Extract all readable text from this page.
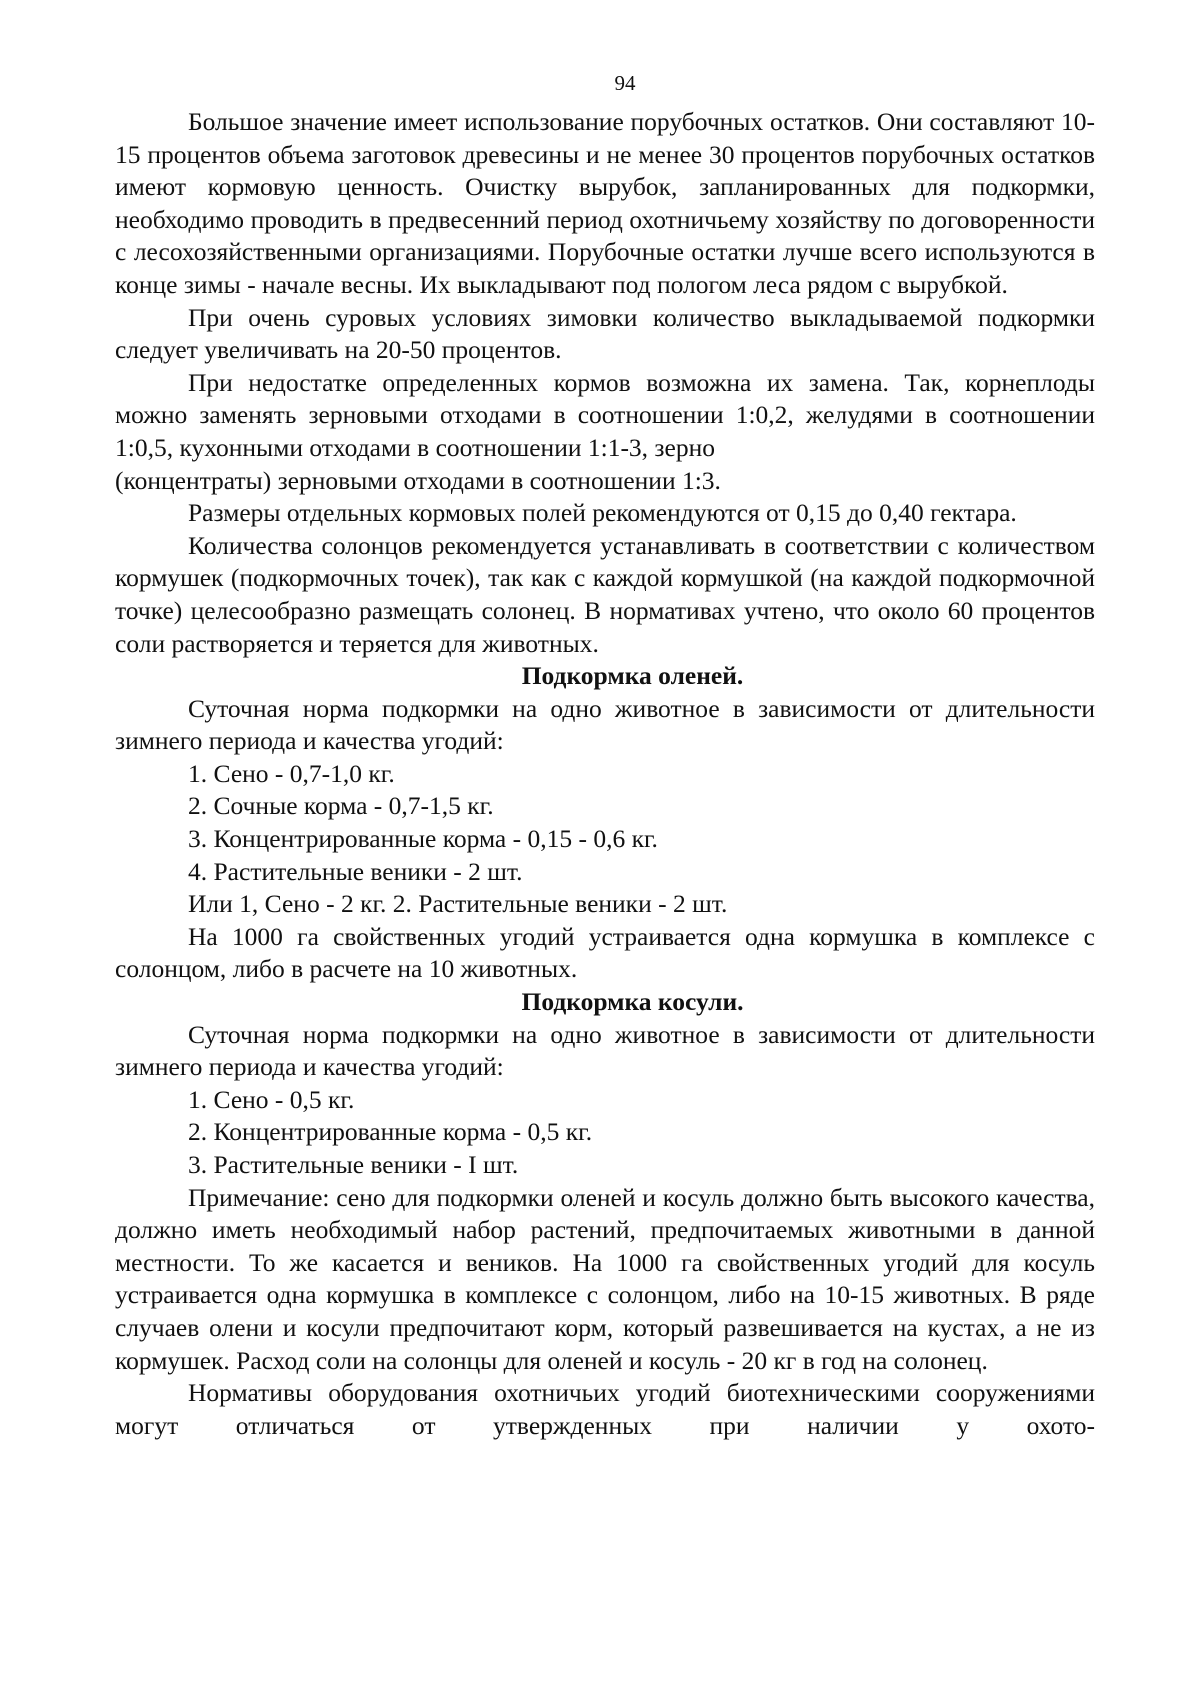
94

Большое значение имеет использование порубочных остатков. Они составляют 10-15 процентов объема заготовок древесины и не менее 30 процентов порубочных остатков имеют кормовую ценность. Очистку вырубок, запланированных для подкормки, необходимо проводить в предвесенний период охотничьему хозяйству по договоренности с лесохозяйственными организациями. Порубочные остатки лучше всего используются в конце зимы - начале весны. Их выкладывают под пологом леса рядом с вырубкой.

При очень суровых условиях зимовки количество выкладываемой подкормки следует увеличивать на 20-50 процентов.

При недостатке определенных кормов возможна их замена. Так, корнеплоды можно заменять зерновыми отходами в соотношении 1:0,2, желудями в соотношении 1:0,5, кухонными отходами в соотношении 1:1-3, зерно

(концентраты) зерновыми отходами в соотношении 1:3.

Размеры отдельных кормовых полей рекомендуются от 0,15 до 0,40 гектара.

Количества солонцов рекомендуется устанавливать в соответствии с количеством кормушек (подкормочных точек), так как с каждой кормушкой (на каждой подкормочной точке) целесообразно размещать солонец. В нормативах учтено, что около 60 процентов соли растворяется и теряется для животных.

Подкормка оленей.

Суточная норма подкормки на одно животное в зависимости от длительности зимнего периода и качества угодий:

1. Сено - 0,7-1,0 кг.

2. Сочные корма - 0,7-1,5 кг.

3. Концентрированные корма - 0,15 - 0,6 кг.

4. Растительные веники - 2 шт.

Или 1, Сено - 2 кг. 2. Растительные веники - 2 шт.

На 1000 га свойственных угодий устраивается одна кормушка в комплексе с солонцом, либо в расчете на 10 животных.

Подкормка косули.

Суточная норма подкормки на одно животное в зависимости от длительности зимнего периода и качества угодий:

1. Сено - 0,5 кг.

2. Концентрированные корма - 0,5 кг.

3. Растительные веники - I шт.

Примечание: сено для подкормки оленей и косуль должно быть высокого качества, должно иметь необходимый набор растений, предпочитаемых животными в данной местности. То же касается и веников. На 1000 га свойственных угодий для косуль устраивается одна кормушка в комплексе с солонцом, либо на 10-15 животных. В ряде случаев олени и косули предпочитают корм, который развешивается на кустах, а не из кормушек. Расход соли на солонцы для оленей и косуль - 20 кг в год на солонец.

Нормативы оборудования охотничьих угодий биотехническими сооружениями могут отличаться от утвержденных при наличии у охото-
